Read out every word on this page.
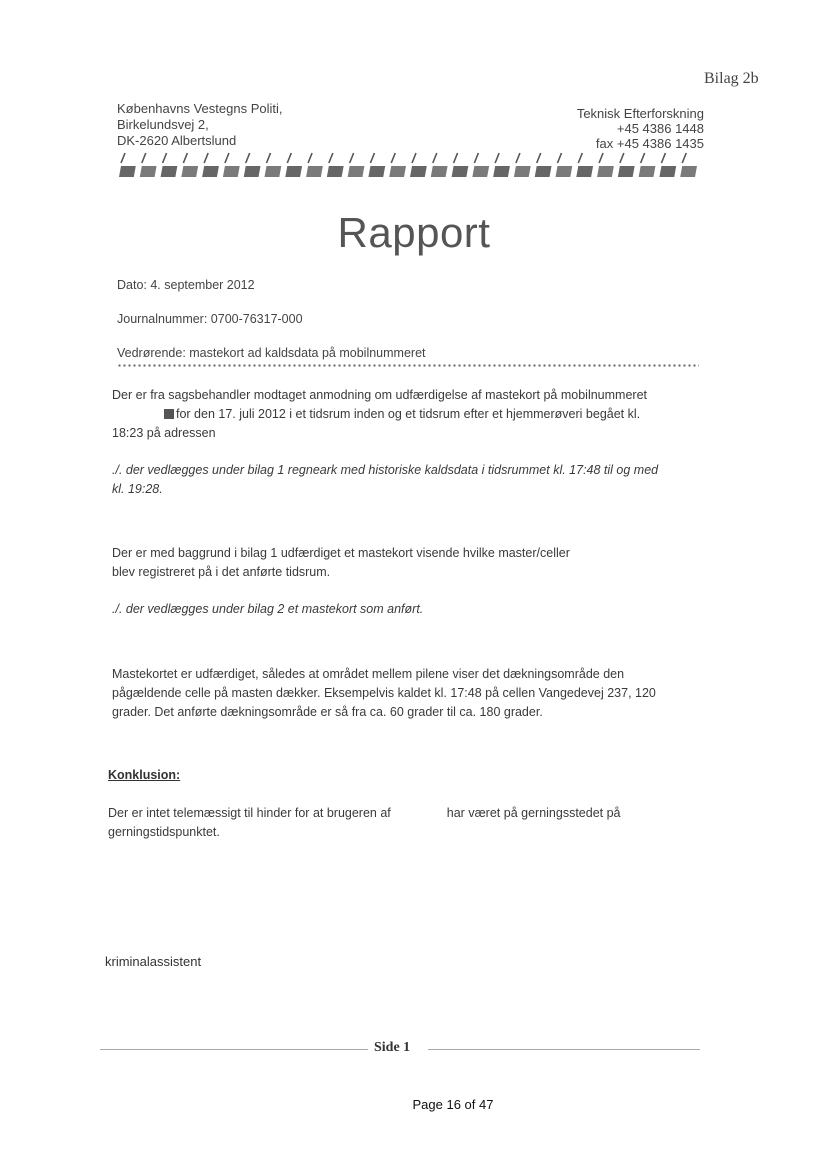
Bilag 2b
Københavns Vestegns Politi,
Birkelundsvej 2,
DK-2620 Albertslund
Teknisk Efterforskning
+45 4386 1448
fax +45 4386 1435
Rapport
Dato: 4. september 2012
Journalnummer: 0700-76317-000
Vedrørende: mastekort ad kaldsdata på mobilnummeret
Der er fra sagsbehandler modtaget anmodning om udfærdigelse af mastekort på mobilnummeret
for den 17. juli 2012 i et tidsrum inden og et tidsrum efter et hjemmerøveri begået kl.
18:23 på adressen
./. der vedlægges under bilag 1 regneark med historiske kaldsdata i tidsrummet kl. 17:48 til og med
kl. 19:28.
Der er med baggrund i bilag 1 udfærdiget et mastekort visende hvilke master/celler
blev registreret på i det anførte tidsrum.
./. der vedlægges under bilag 2 et mastekort som anført.
Mastekortet er udfærdiget, således at området mellem pilene viser det dækningsområde den
pågældende celle på masten dækker. Eksempelvis kaldet kl. 17:48 på cellen Vangedevej 237, 120
grader. Det anførte dækningsområde er så fra ca. 60 grader til ca. 180 grader.
Konklusion:
Der er intet telemæssigt til hinder for at brugeren af	har været på gerningsstedet på
gerningstidspunktet.
kriminalassistent
Side 1
Page 16 of 47
